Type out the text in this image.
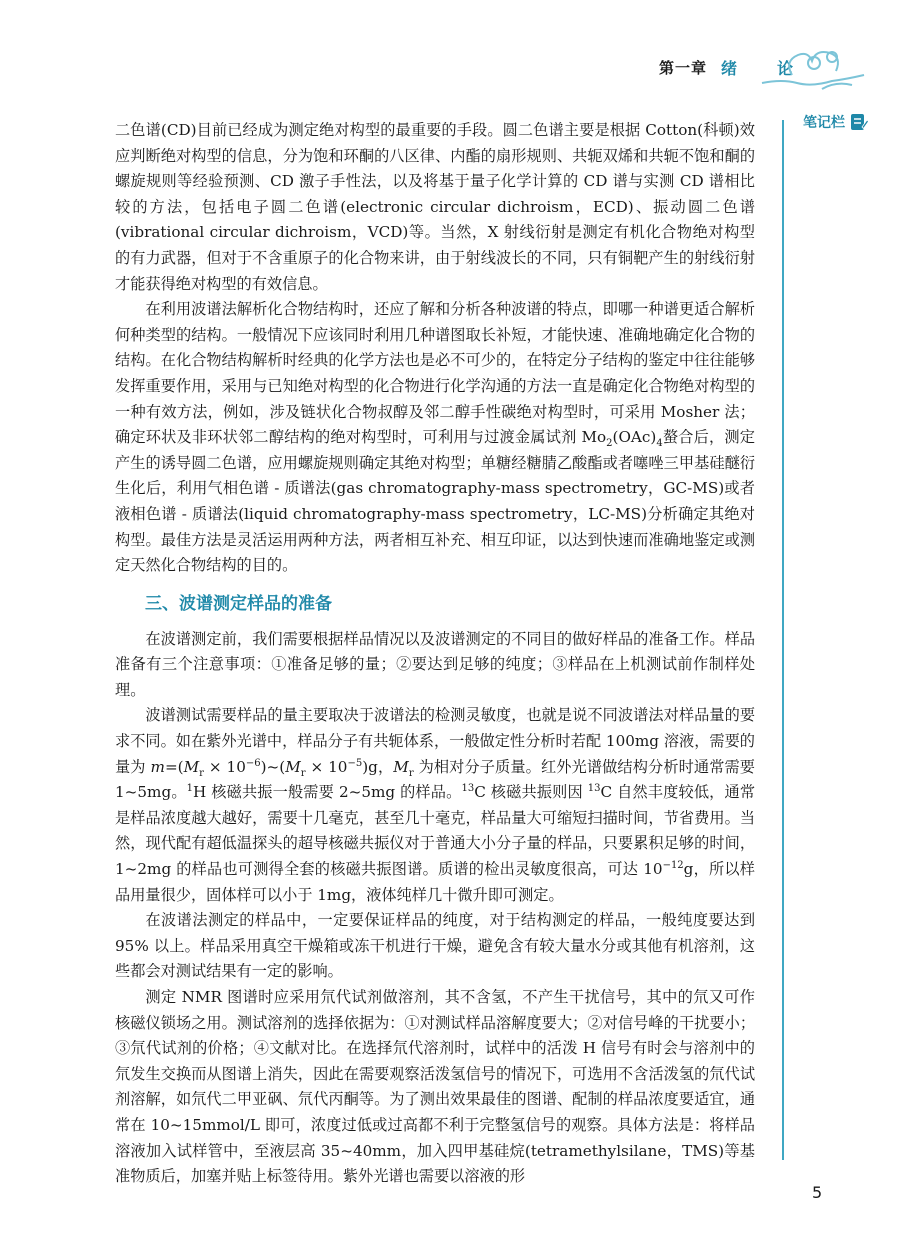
第一章 绪　论
笔记栏

二色谱(CD)目前已经成为测定绝对构型的最重要的手段。圆二色谱主要是根据 Cotton(科顿)效应判断绝对构型的信息，分为饱和环酮的八区律、内酯的扇形规则、共轭双烯和共轭不饱和酮的螺旋规则等经验预测、CD 激子手性法，以及将基于量子化学计算的 CD 谱与实测 CD 谱相比较的方法，包括电子圆二色谱(electronic circular dichroism，ECD)、振动圆二色谱(vibrational circular dichroism，VCD)等。当然，X 射线衍射是测定有机化合物绝对构型的有力武器，但对于不含重原子的化合物来讲，由于射线波长的不同，只有铜靶产生的射线衍射才能获得绝对构型的有效信息。

在利用波谱法解析化合物结构时，还应了解和分析各种波谱的特点，即哪一种谱更适合解析何种类型的结构。一般情况下应该同时利用几种谱图取长补短，才能快速、准确地确定化合物的结构。在化合物结构解析时经典的化学方法也是必不可少的，在特定分子结构的鉴定中往往能够发挥重要作用，采用与已知绝对构型的化合物进行化学沟通的方法一直是确定化合物绝对构型的一种有效方法，例如，涉及链状化合物叔醇及邻二醇手性碳绝对构型时，可采用 Mosher 法；确定环状及非环状邻二醇结构的绝对构型时，可利用与过渡金属试剂 $Mo_2(OAc)_4$螯合后，测定产生的诱导圆二色谱，应用螺旋规则确定其绝对构型；单糖经糖腈乙酸酯或者噻唑三甲基硅醚衍生化后，利用气相色谱 - 质谱法(gas chromatography-mass spectrometry，GC-MS)或者液相色谱 - 质谱法(liquid chromatography-mass spectrometry，LC-MS)分析确定其绝对构型。最佳方法是灵活运用两种方法，两者相互补充、相互印证，以达到快速而准确地鉴定或测定天然化合物结构的目的。

三、波谱测定样品的准备

在波谱测定前，我们需要根据样品情况以及波谱测定的不同目的做好样品的准备工作。样品准备有三个注意事项：①准备足够的量；②要达到足够的纯度；③样品在上机测试前作制样处理。

波谱测试需要样品的量主要取决于波谱法的检测灵敏度，也就是说不同波谱法对样品量的要求不同。如在紫外光谱中，样品分子有共轭体系，一般做定性分析时若配 100mg 溶液，需要的量为 $m=(M_r$ × $10^{-6})\sim(M_r \times 10^{-5})g$，$M_r$ 为相对分子质量。红外光谱做结构分析时通常需要 1~5mg。$^1$H 核磁共振一般需要 2~5mg 的样品。$^{13}$C 核磁共振则因 $^{13}$C 自然丰度较低，通常是样品浓度越大越好，需要十几毫克，甚至几十毫克，样品量大可缩短扫描时间，节省费用。当然，现代配有超低温探头的超导核磁共振仪对于普通大小分子量的样品，只要累积足够的时间，1~2mg 的样品也可测得全套的核磁共振图谱。质谱的检出灵敏度很高，可达 $10^{-12}g$，所以样品用量很少，固体样可以小于 1mg，液体纯样几十微升即可测定。

在波谱法测定的样品中，一定要保证样品的纯度，对于结构测定的样品，一般纯度要达到 95% 以上。样品采用真空干燥箱或冻干机进行干燥，避免含有较大量水分或其他有机溶剂，这些都会对测试结果有一定的影响。

测定 NMR 图谱时应采用氘代试剂做溶剂，其不含氢，不产生干扰信号，其中的氘又可作核磁仪锁场之用。测试溶剂的选择依据为：①对测试样品溶解度要大；②对信号峰的干扰要小；③氘代试剂的价格；④文献对比。在选择氘代溶剂时，试样中的活泼 H 信号有时会与溶剂中的氘发生交换而从图谱上消失，因此在需要观察活泼氢信号的情况下，可选用不含活泼氢的氘代试剂溶解，如氘代二甲亚砜、氘代丙酮等。为了测出效果最佳的图谱、配制的样品浓度要适宜，通常在 10~15mmol/L 即可，浓度过低或过高都不利于完整氢信号的观察。具体方法是：将样品溶液加入试样管中，至液层高 35~40mm，加入四甲基硅烷(tetramethylsilane，TMS)等基准物质后，加塞并贴上标签待用。紫外光谱也需要以溶液的形

5
